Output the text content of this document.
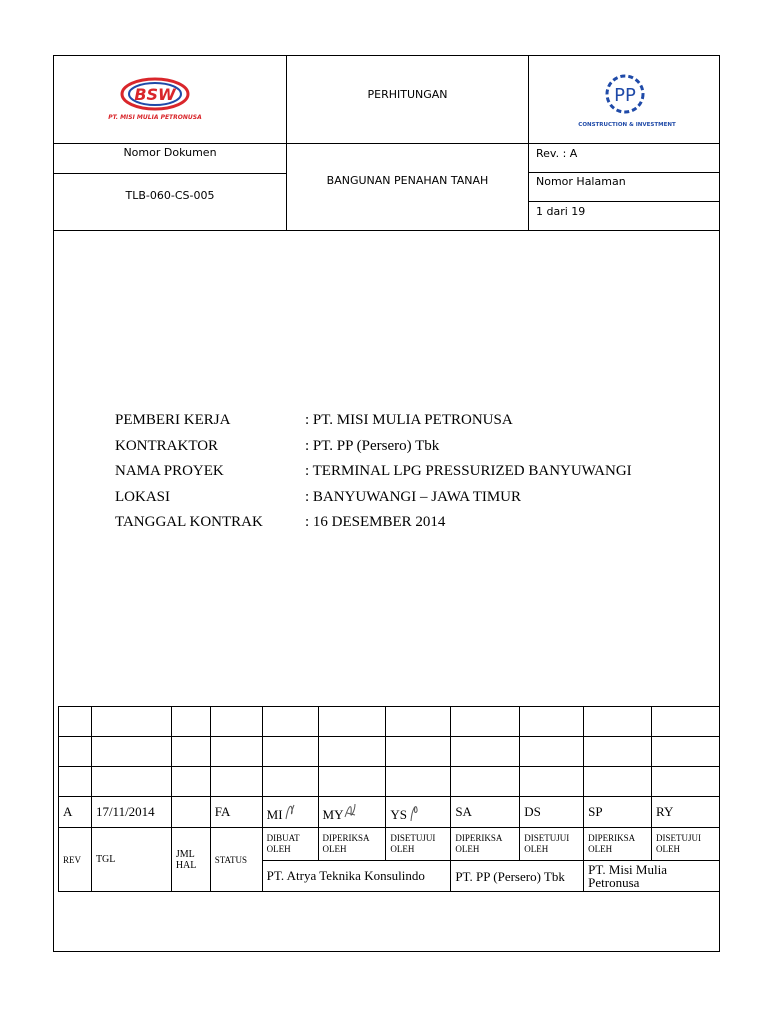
BSW
PT. MISI MULIA PETRONUSA
PERHITUNGAN	PP
CONSTRUCTION & INVESTMENT
Nomor Dokumen
TLB-060-CS-005
BANGUNAN PENAHAN TANAH
Rev. : A
Nomor Halaman
1 dari 19
PEMBERI KERJA	: PT. MISI MULIA PETRONUSA
KONTRAKTOR	: PT. PP (Persero) Tbk
NAMA PROYEK	: TERMINAL LPG PRESSURIZED BANYUWANGI
LOKASI	: BANYUWANGI – JAWA TIMUR
TANGGAL KONTRAK	: 16 DESEMBER 2014

A	17/11/2014		FA	MI	MY	YS	SA	DS	SP	RY
REV	TGL	JML HAL	STATUS	DIBUAT OLEH	DIPERIKSA OLEH	DISETUJUI OLEH	DIPERIKSA OLEH	DISETUJUI OLEH	DIPERIKSA OLEH	DISETUJUI OLEH
				PT. Atrya Teknika Konsulindo			PT. PP (Persero) Tbk		PT. Misi Mulia Petronusa	
